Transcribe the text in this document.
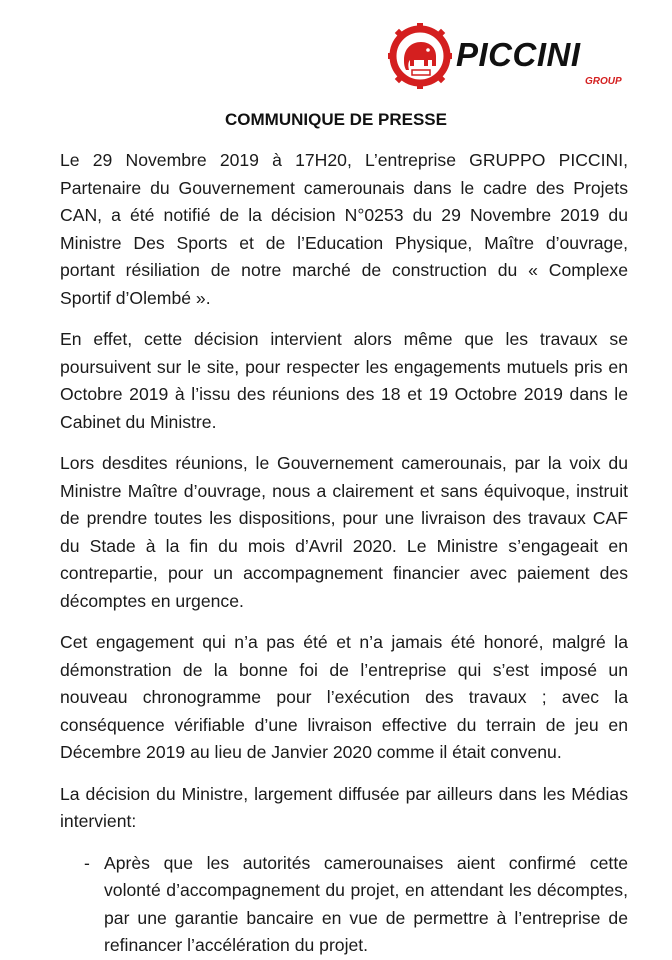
PICCINI
GROUP
COMMUNIQUE DE PRESSE

Le 29 Novembre 2019 à 17H20, L’entreprise GRUPPO PICCINI, Partenaire du Gouvernement camerounais dans le cadre des Projets CAN, a été notifié de la décision N°0253 du 29 Novembre 2019 du Ministre Des Sports et de l’Education Physique, Maître d’ouvrage, portant résiliation de notre marché de construction du « Complexe Sportif d’Olembé ».

En effet, cette décision intervient alors même que les travaux se poursuivent sur le site, pour respecter les engagements mutuels pris en Octobre 2019 à l’issu des réunions des 18 et 19 Octobre 2019 dans le Cabinet du Ministre.

Lors desdites réunions, le Gouvernement camerounais, par la voix du Ministre Maître d’ouvrage, nous a clairement et sans équivoque, instruit de prendre toutes les dispositions, pour une livraison des travaux CAF du Stade à la fin du mois d’Avril 2020. Le Ministre s’engageait en contrepartie, pour un accompagnement financier avec paiement des décomptes en urgence.

Cet engagement qui n’a pas été et n’a jamais été honoré, malgré la démonstration de la bonne foi de l’entreprise qui s’est imposé un nouveau chronogramme pour l’exécution des travaux ; avec la conséquence vérifiable d’une livraison effective du terrain de jeu en Décembre 2019 au lieu de Janvier 2020 comme il était convenu.

La décision du Ministre, largement diffusée par ailleurs dans les Médias intervient:

- Après que les autorités camerounaises aient confirmé cette volonté d’accompagnement du projet, en attendant les décomptes, par une garantie bancaire en vue de permettre à l’entreprise de refinancer l’accélération du projet.
